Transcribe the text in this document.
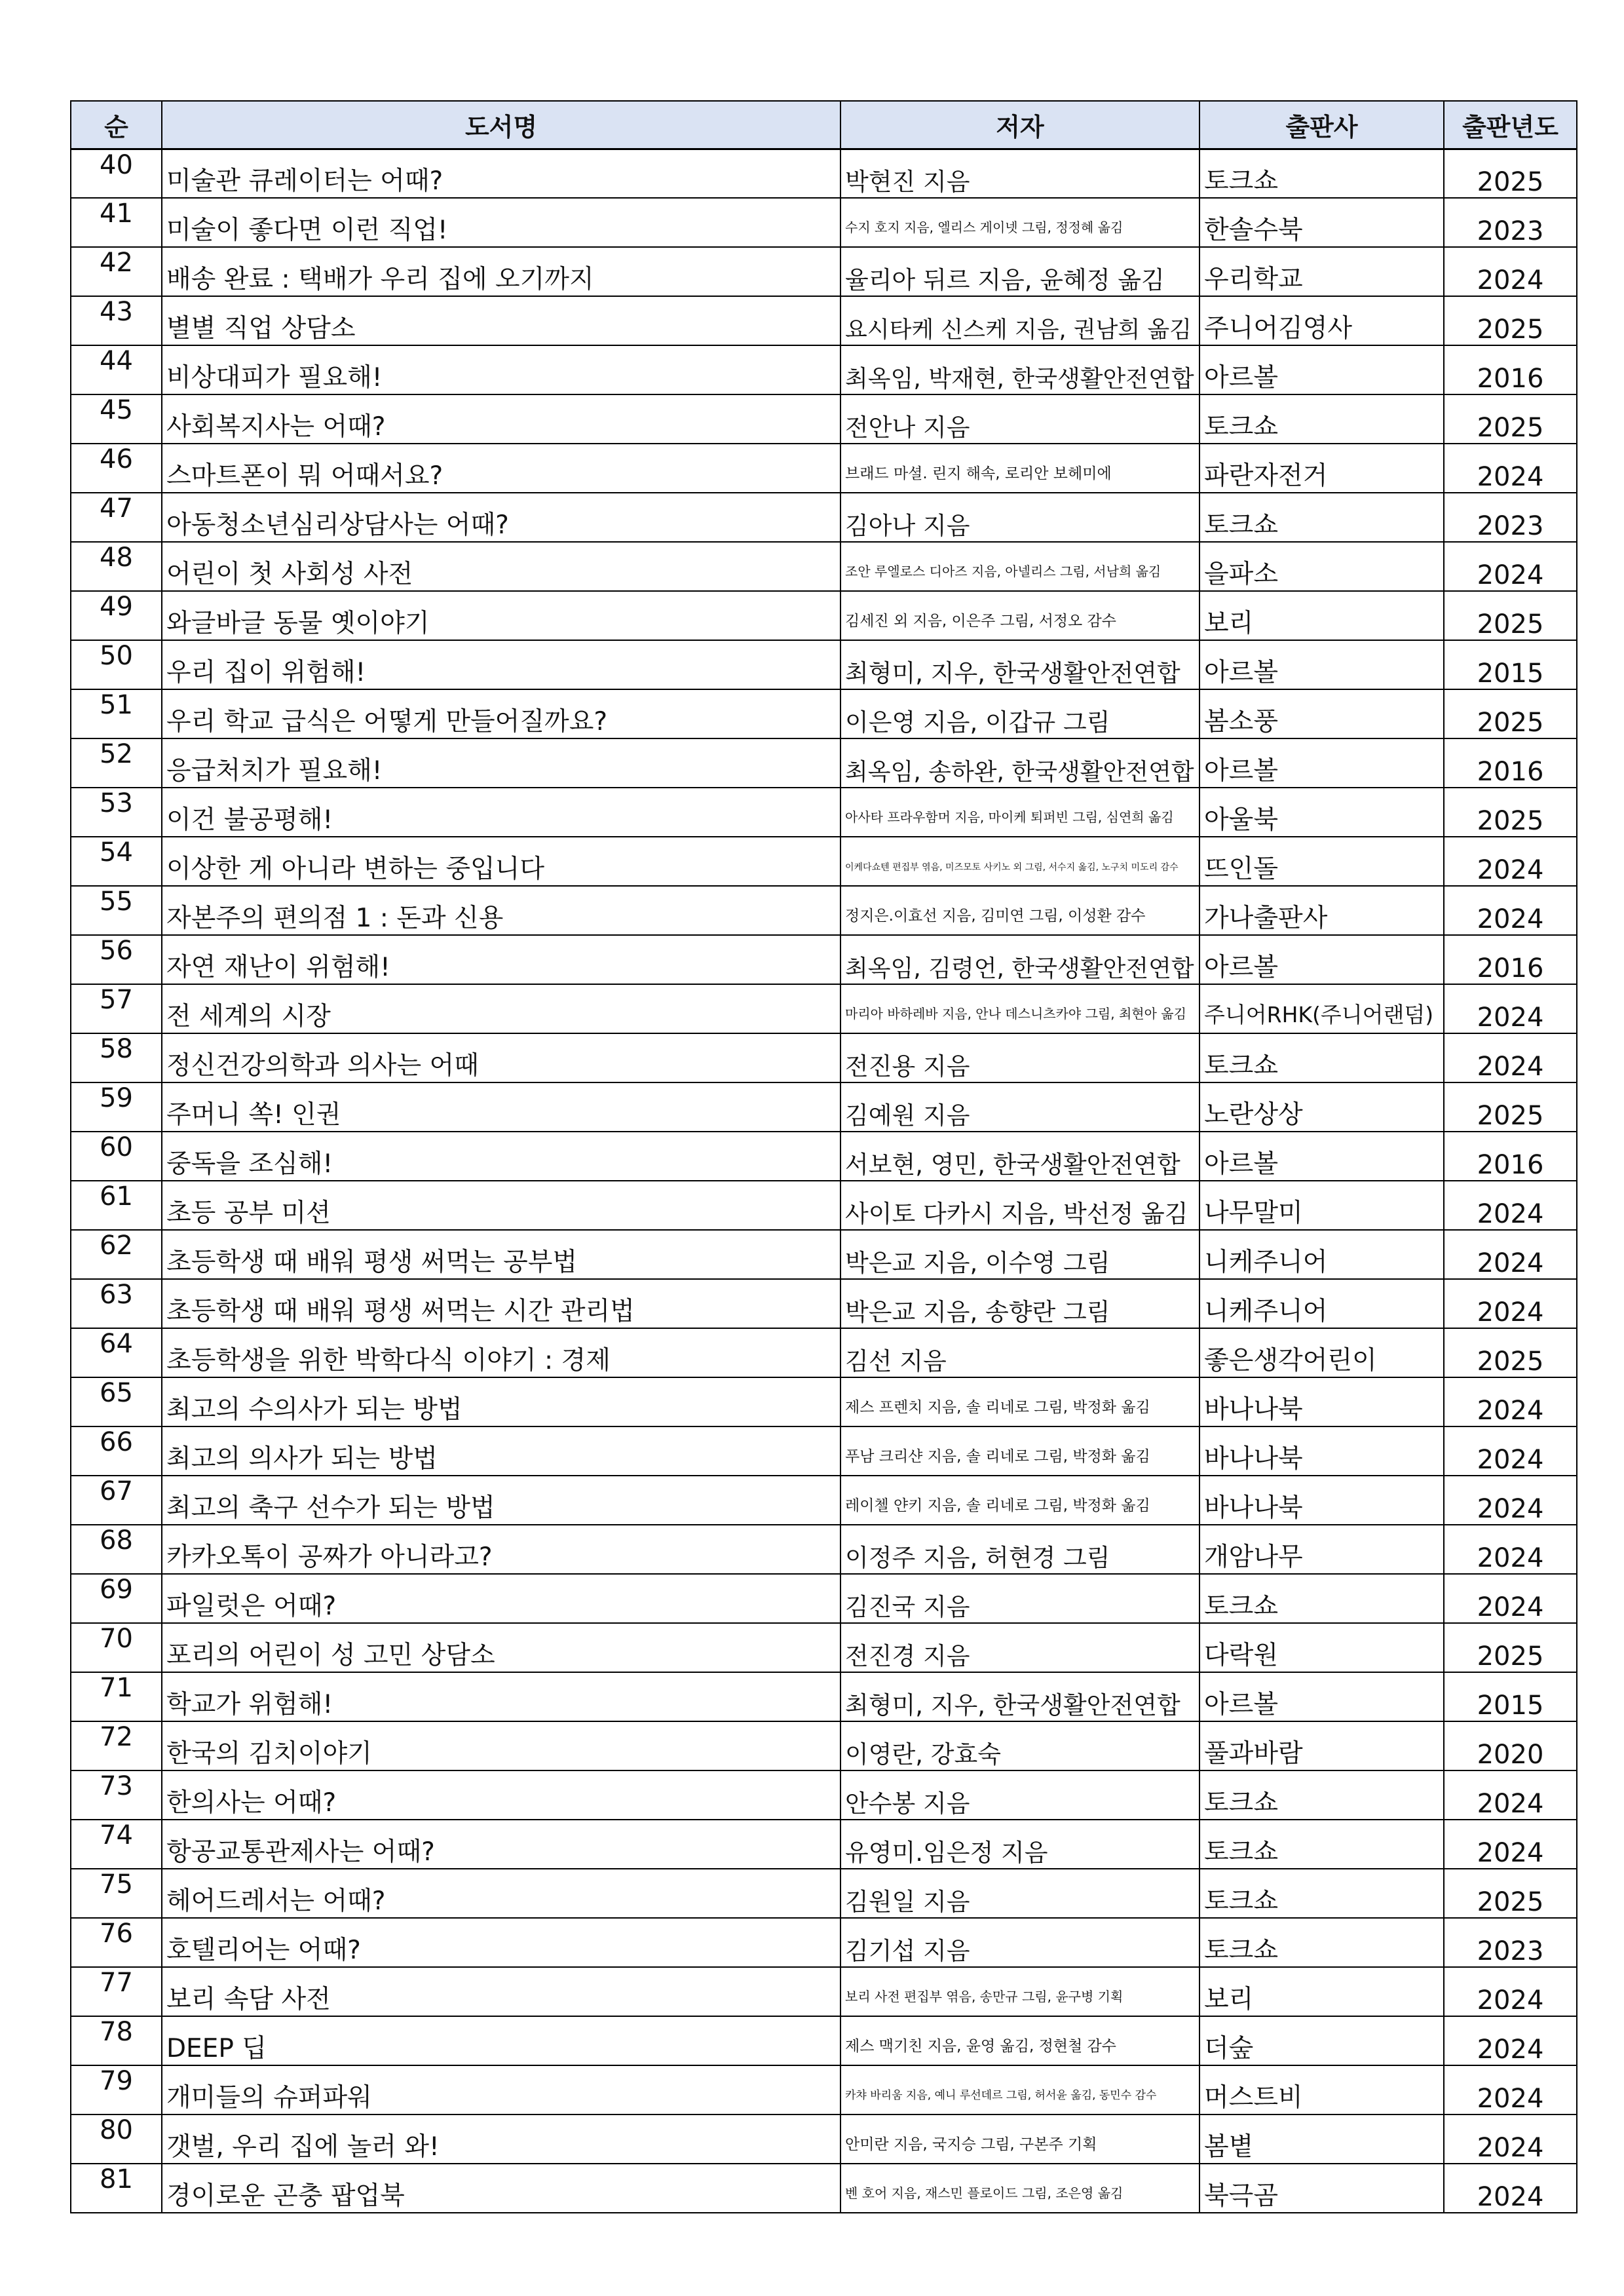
순	도서명	저자	출판사	출판년도
40	미술관 큐레이터는 어때?	박현진 지음	토크쇼	2025
41	미술이 좋다면 이런 직업!	수지 호지 지음, 엘리스 게이넷 그림, 정정혜 옮김	한솔수북	2023
42	배송 완료 : 택배가 우리 집에 오기까지	율리아 뒤르 지음, 윤혜정 옮김	우리학교	2024
43	별별 직업 상담소	요시타케 신스케 지음, 권남희 옮김	주니어김영사	2025
44	비상대피가 필요해!	최옥임, 박재현, 한국생활안전연합	아르볼	2016
45	사회복지사는 어때?	전안나 지음	토크쇼	2025
46	스마트폰이 뭐 어때서요?	브래드 마셜. 린지 해속, 로리안 보헤미에	파란자전거	2024
47	아동청소년심리상담사는 어때?	김아나 지음	토크쇼	2023
48	어린이 첫 사회성 사전	조안 루엘로스 디아즈 지음, 아넬리스 그림, 서남희 옮김	을파소	2024
49	와글바글 동물 옛이야기	김세진 외 지음, 이은주 그림, 서정오 감수	보리	2025
50	우리 집이 위험해!	최형미, 지우, 한국생활안전연합	아르볼	2015
51	우리 학교 급식은 어떻게 만들어질까요?	이은영 지음, 이갑규 그림	봄소풍	2025
52	응급처치가 필요해!	최옥임, 송하완, 한국생활안전연합	아르볼	2016
53	이건 불공평해!	아사타 프라우함머 지음, 마이케 퇴퍼빈 그림, 심연희 옮김	아울북	2025
54	이상한 게 아니라 변하는 중입니다	이케다쇼텐 편집부 엮음, 미즈모토 사키노 외 그림, 서수지 옮김, 노구치 미도리 감수	뜨인돌	2024
55	자본주의 편의점 1 : 돈과 신용	정지은.이효선 지음, 김미연 그림, 이성환 감수	가나출판사	2024
56	자연 재난이 위험해!	최옥임, 김령언, 한국생활안전연합	아르볼	2016
57	전 세계의 시장	마리아 바하레바 지음, 안나 데스니츠카야 그림, 최현아 옮김	주니어RHK(주니어랜덤)	2024
58	정신건강의학과 의사는 어때	전진용 지음	토크쇼	2024
59	주머니 쏙! 인권	김예원 지음	노란상상	2025
60	중독을 조심해!	서보현, 영민, 한국생활안전연합	아르볼	2016
61	초등 공부 미션	사이토 다카시 지음, 박선정 옮김	나무말미	2024
62	초등학생 때 배워 평생 써먹는 공부법	박은교 지음, 이수영 그림	니케주니어	2024
63	초등학생 때 배워 평생 써먹는 시간 관리법	박은교 지음, 송향란 그림	니케주니어	2024
64	초등학생을 위한 박학다식 이야기 : 경제	김선 지음	좋은생각어린이	2025
65	최고의 수의사가 되는 방법	제스 프렌치 지음, 솔 리네로 그림, 박정화 옮김	바나나북	2024
66	최고의 의사가 되는 방법	푸남 크리샨 지음, 솔 리네로 그림, 박정화 옮김	바나나북	2024
67	최고의 축구 선수가 되는 방법	레이첼 얀키 지음, 솔 리네로 그림, 박정화 옮김	바나나북	2024
68	카카오톡이 공짜가 아니라고?	이정주 지음, 허현경 그림	개암나무	2024
69	파일럿은 어때?	김진국 지음	토크쇼	2024
70	포리의 어린이 성 고민 상담소	전진경 지음	다락원	2025
71	학교가 위험해!	최형미, 지우, 한국생활안전연합	아르볼	2015
72	한국의 김치이야기	이영란, 강효숙	풀과바람	2020
73	한의사는 어때?	안수봉 지음	토크쇼	2024
74	항공교통관제사는 어때?	유영미.임은정 지음	토크쇼	2024
75	헤어드레서는 어때?	김원일 지음	토크쇼	2025
76	호텔리어는 어때?	김기섭 지음	토크쇼	2023
77	보리 속담 사전	보리 사전 편집부 엮음, 송만규 그림, 윤구병 기획	보리	2024
78	DEEP 딥	제스 맥기친 지음, 윤영 옮김, 정현철 감수	더숲	2024
79	개미들의 슈퍼파워	카챠 바리움 지음, 예니 루선데르 그림, 허서윤 옮김, 동민수 감수	머스트비	2024
80	갯벌, 우리 집에 놀러 와!	안미란 지음, 국지승 그림, 구본주 기획	봄볕	2024
81	경이로운 곤충 팝업북	벤 호어 지음, 재스민 플로이드 그림, 조은영 옮김	북극곰	2024
